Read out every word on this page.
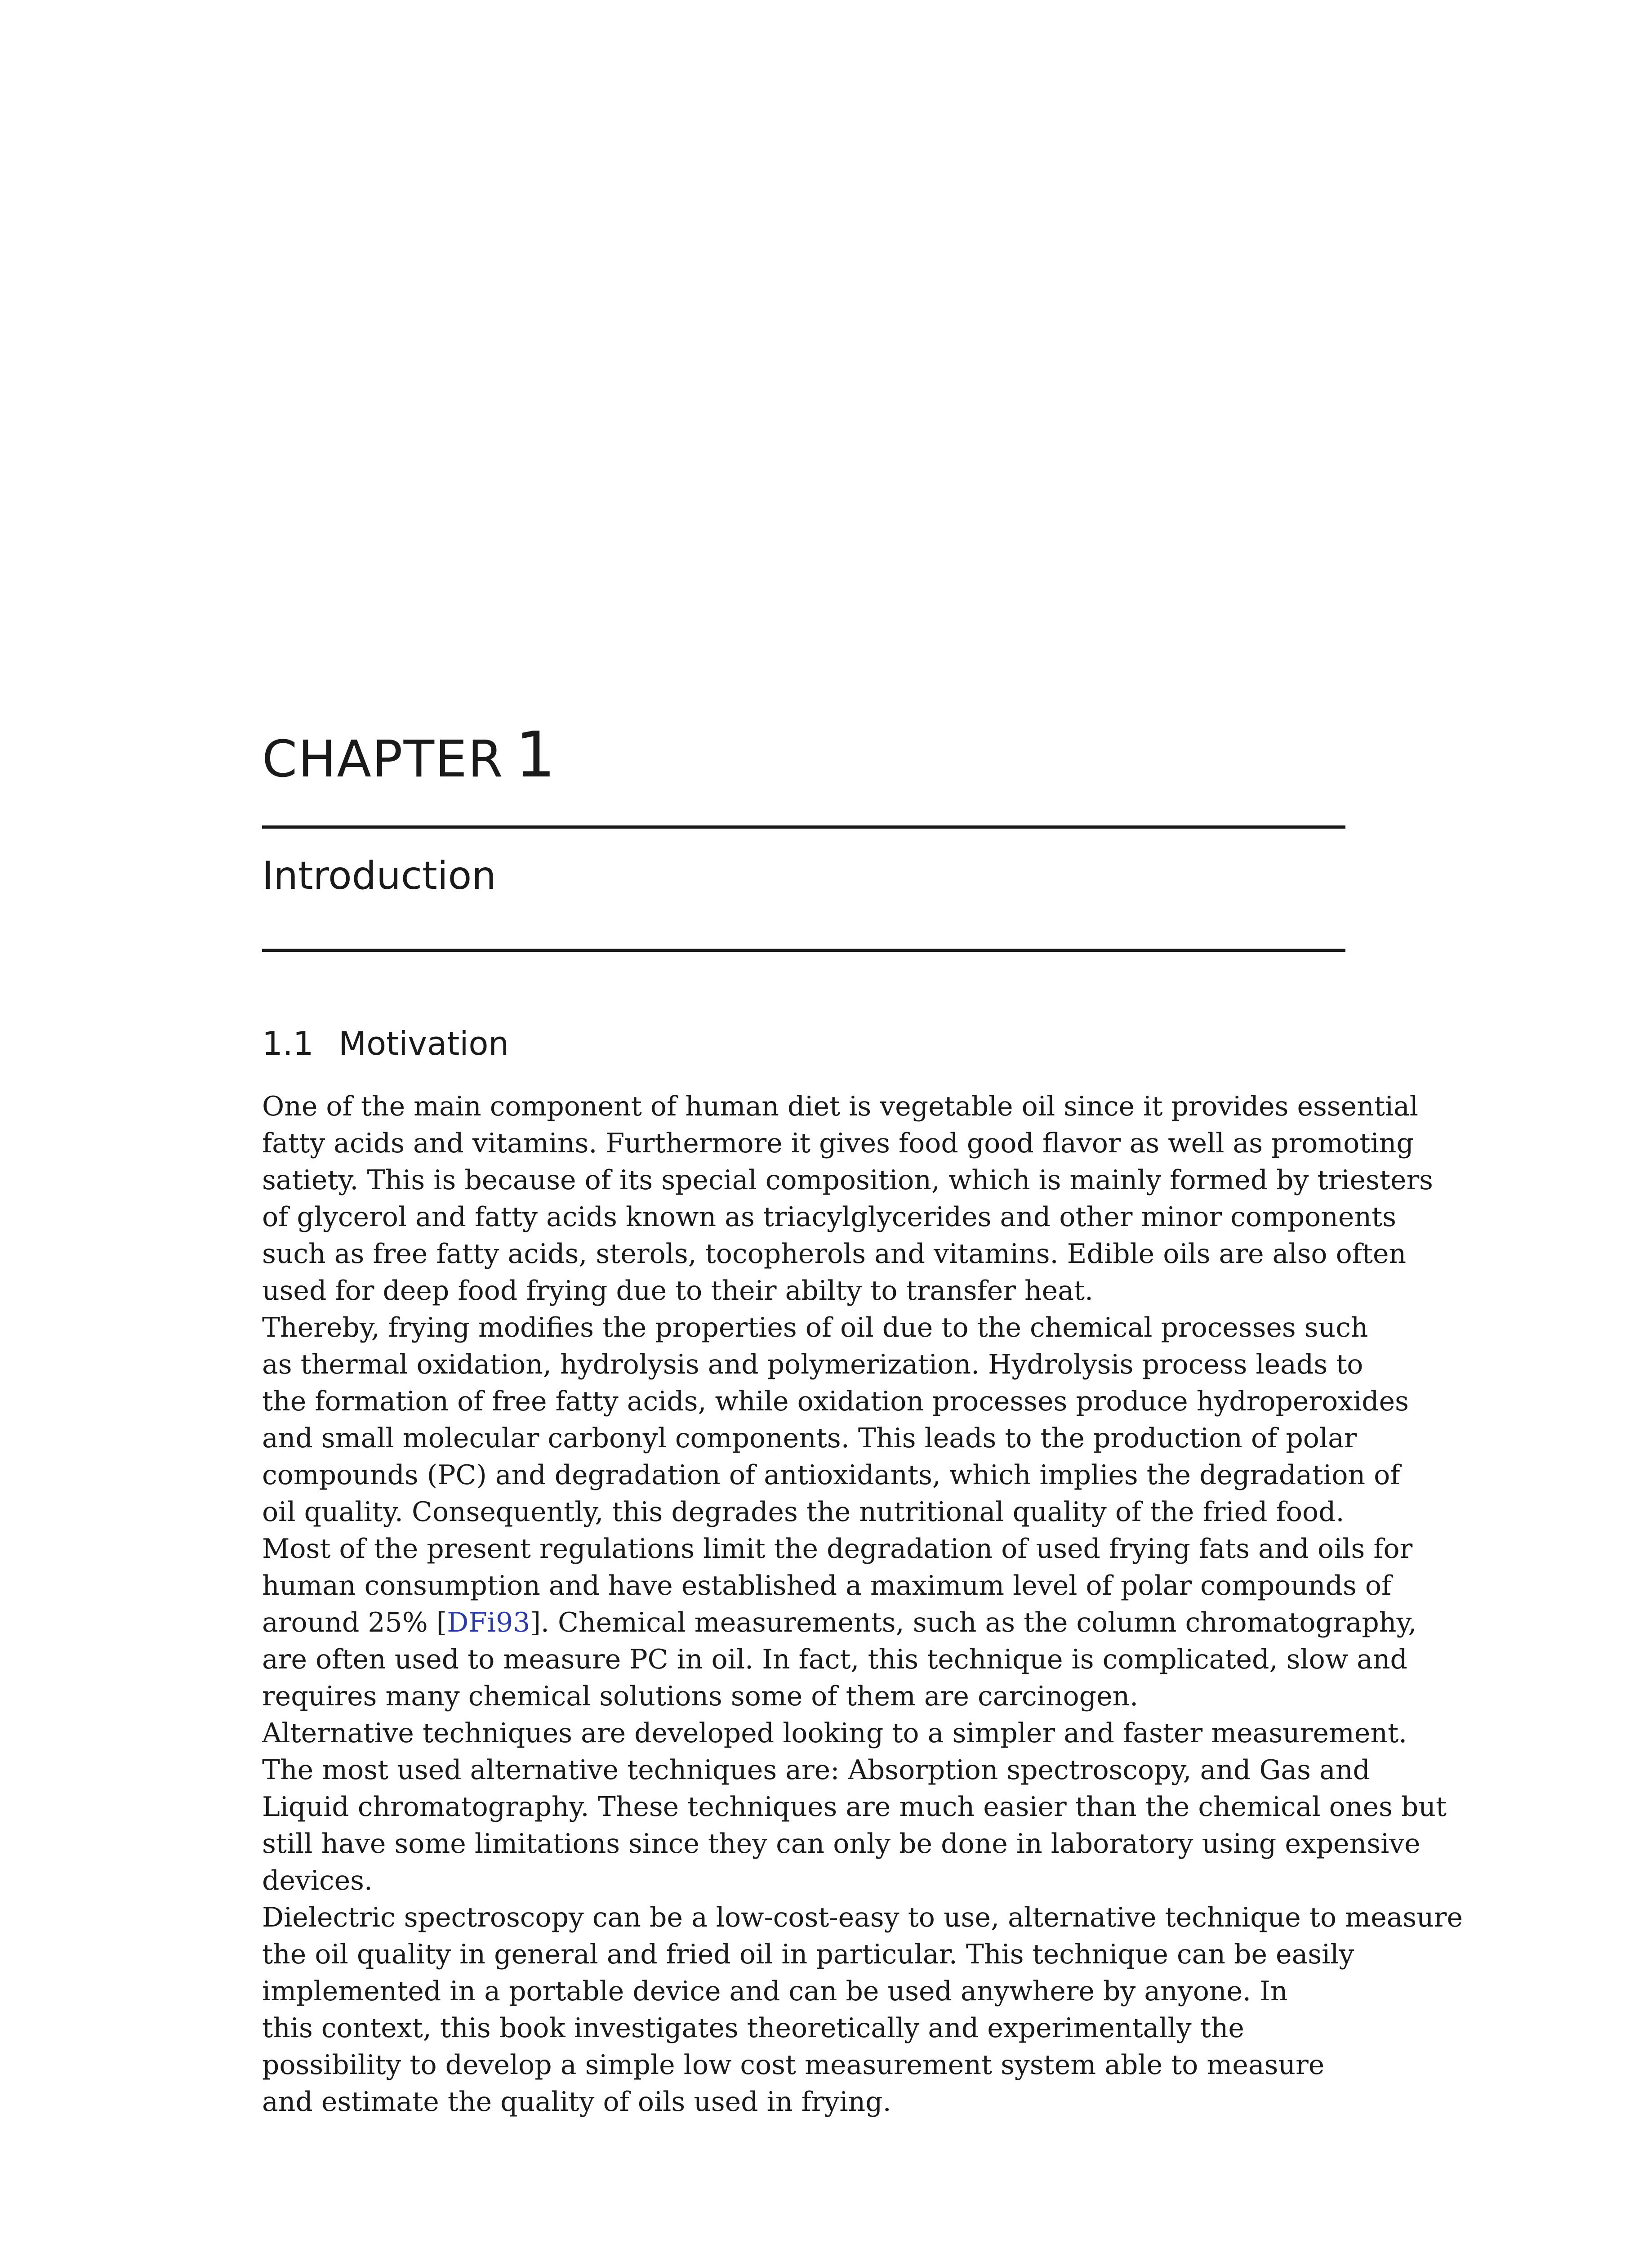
CHAPTER 1
Introduction
1.1 Motivation
One of the main component of human diet is vegetable oil since it provides essential
fatty acids and vitamins. Furthermore it gives food good flavor as well as promoting
satiety. This is because of its special composition, which is mainly formed by triesters
of glycerol and fatty acids known as triacylglycerides and other minor components
such as free fatty acids, sterols, tocopherols and vitamins. Edible oils are also often
used for deep food frying due to their abilty to transfer heat.
Thereby, frying modifies the properties of oil due to the chemical processes such
as thermal oxidation, hydrolysis and polymerization. Hydrolysis process leads to
the formation of free fatty acids, while oxidation processes produce hydroperoxides
and small molecular carbonyl components. This leads to the production of polar
compounds (PC) and degradation of antioxidants, which implies the degradation of
oil quality. Consequently, this degrades the nutritional quality of the fried food.
Most of the present regulations limit the degradation of used frying fats and oils for
human consumption and have established a maximum level of polar compounds of
around 25% [DFi93]. Chemical measurements, such as the column chromatography,
are often used to measure PC in oil. In fact, this technique is complicated, slow and
requires many chemical solutions some of them are carcinogen.
Alternative techniques are developed looking to a simpler and faster measurement.
The most used alternative techniques are: Absorption spectroscopy, and Gas and
Liquid chromatography. These techniques are much easier than the chemical ones but
still have some limitations since they can only be done in laboratory using expensive
devices.
Dielectric spectroscopy can be a low-cost-easy to use, alternative technique to measure
the oil quality in general and fried oil in particular. This technique can be easily
implemented in a portable device and can be used anywhere by anyone. In
this context, this book investigates theoretically and experimentally the
possibility to develop a simple low cost measurement system able to measure
and estimate the quality of oils used in frying.
